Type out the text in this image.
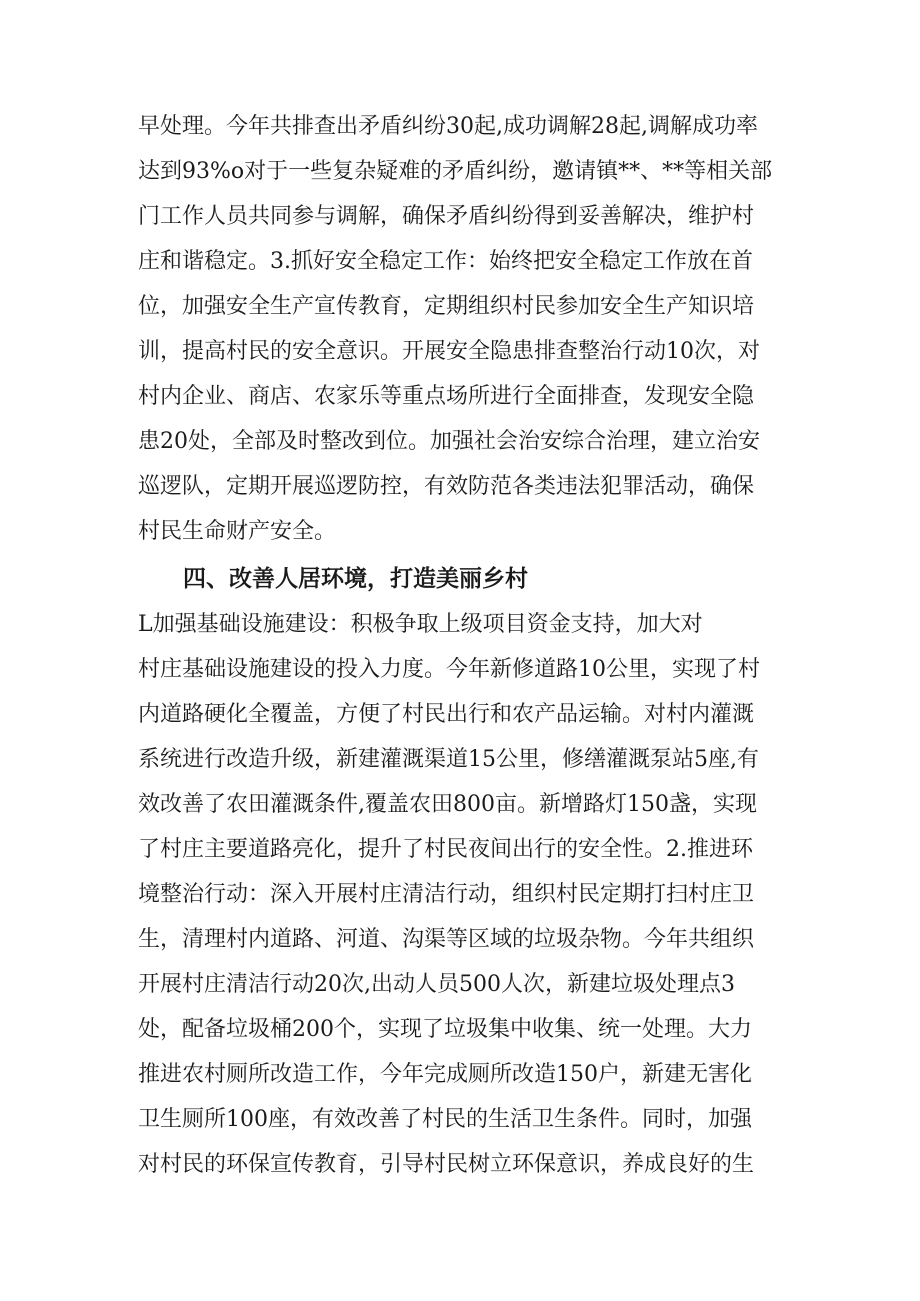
早处理。今年共排查出矛盾纠纷30起,成功调解28起,调解成功率
达到93%o对于一些复杂疑难的矛盾纠纷，邀请镇**、**等相关部
门工作人员共同参与调解，确保矛盾纠纷得到妥善解决，维护村
庄和谐稳定。3.抓好安全稳定工作：始终把安全稳定工作放在首
位，加强安全生产宣传教育，定期组织村民参加安全生产知识培
训，提高村民的安全意识。开展安全隐患排查整治行动10次，对
村内企业、商店、农家乐等重点场所进行全面排查，发现安全隐
患20处，全部及时整改到位。加强社会治安综合治理，建立治安
巡逻队，定期开展巡逻防控，有效防范各类违法犯罪活动，确保
村民生命财产安全。
四、改善人居环境，打造美丽乡村
L加强基础设施建设：积极争取上级项目资金支持，加大对
村庄基础设施建设的投入力度。今年新修道路10公里，实现了村
内道路硬化全覆盖，方便了村民出行和农产品运输。对村内灌溉
系统进行改造升级，新建灌溉渠道15公里，修缮灌溉泵站5座,有
效改善了农田灌溉条件,覆盖农田800亩。新增路灯150盏，实现
了村庄主要道路亮化，提升了村民夜间出行的安全性。2.推进环
境整治行动：深入开展村庄清洁行动，组织村民定期打扫村庄卫
生，清理村内道路、河道、沟渠等区域的垃圾杂物。今年共组织
开展村庄清洁行动20次,出动人员500人次，新建垃圾处理点3
处，配备垃圾桶200个，实现了垃圾集中收集、统一处理。大力
推进农村厕所改造工作，今年完成厕所改造150户，新建无害化
卫生厕所100座，有效改善了村民的生活卫生条件。同时，加强
对村民的环保宣传教育，引导村民树立环保意识，养成良好的生
